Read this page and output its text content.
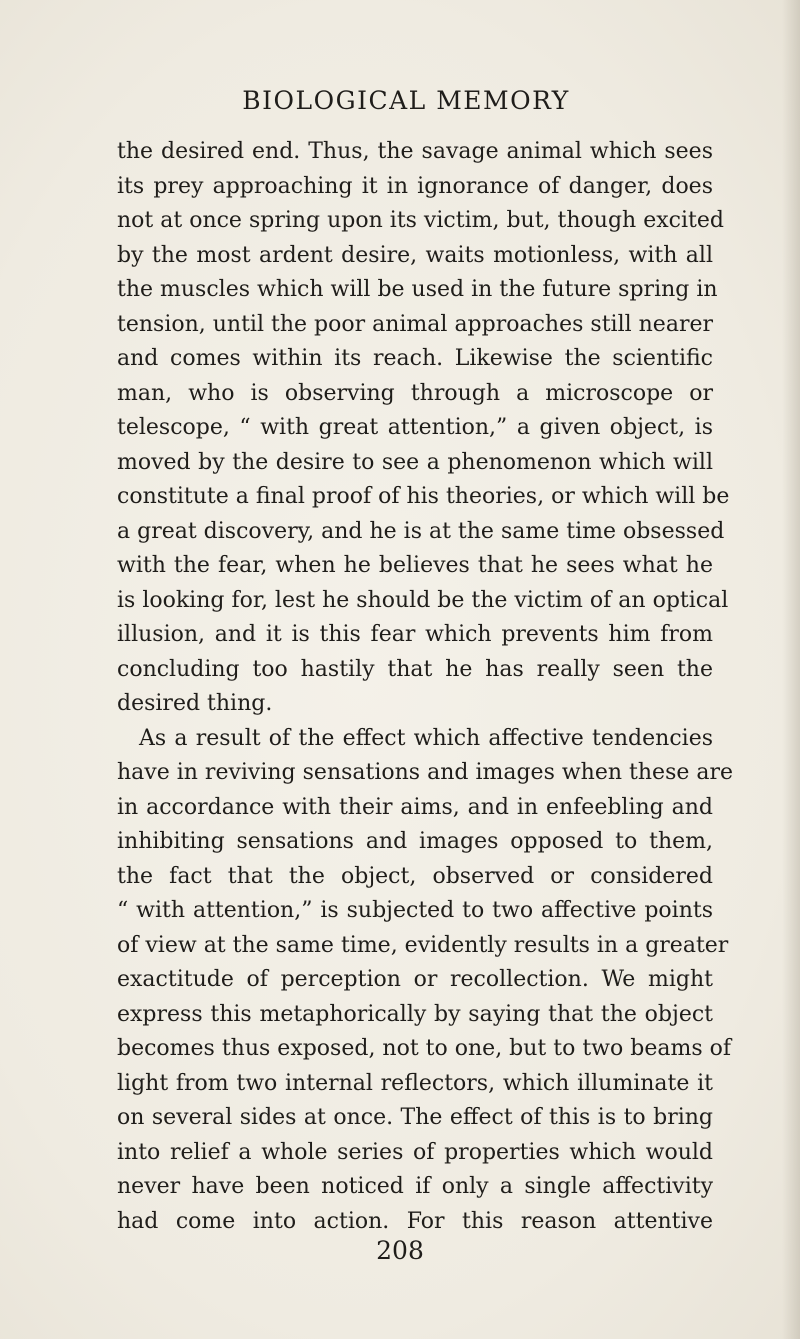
BIOLOGICAL MEMORY
the desired end. Thus, the savage animal which sees
its prey approaching it in ignorance of danger, does
not at once spring upon its victim, but, though excited
by the most ardent desire, waits motionless, with all
the muscles which will be used in the future spring in
tension, until the poor animal approaches still nearer
and comes within its reach. Likewise the scientific
man, who is observing through a microscope or
telescope, “ with great attention,” a given object, is
moved by the desire to see a phenomenon which will
constitute a final proof of his theories, or which will be
a great discovery, and he is at the same time obsessed
with the fear, when he believes that he sees what he
is looking for, lest he should be the victim of an optical
illusion, and it is this fear which prevents him from
concluding too hastily that he has really seen the
desired thing.
As a result of the effect which affective tendencies
have in reviving sensations and images when these are
in accordance with their aims, and in enfeebling and
inhibiting sensations and images opposed to them,
the fact that the object, observed or considered
“ with attention,” is subjected to two affective points
of view at the same time, evidently results in a greater
exactitude of perception or recollection. We might
express this metaphorically by saying that the object
becomes thus exposed, not to one, but to two beams of
light from two internal reflectors, which illuminate it
on several sides at once. The effect of this is to bring
into relief a whole series of properties which would
never have been noticed if only a single affectivity
had come into action. For this reason attentive
208
